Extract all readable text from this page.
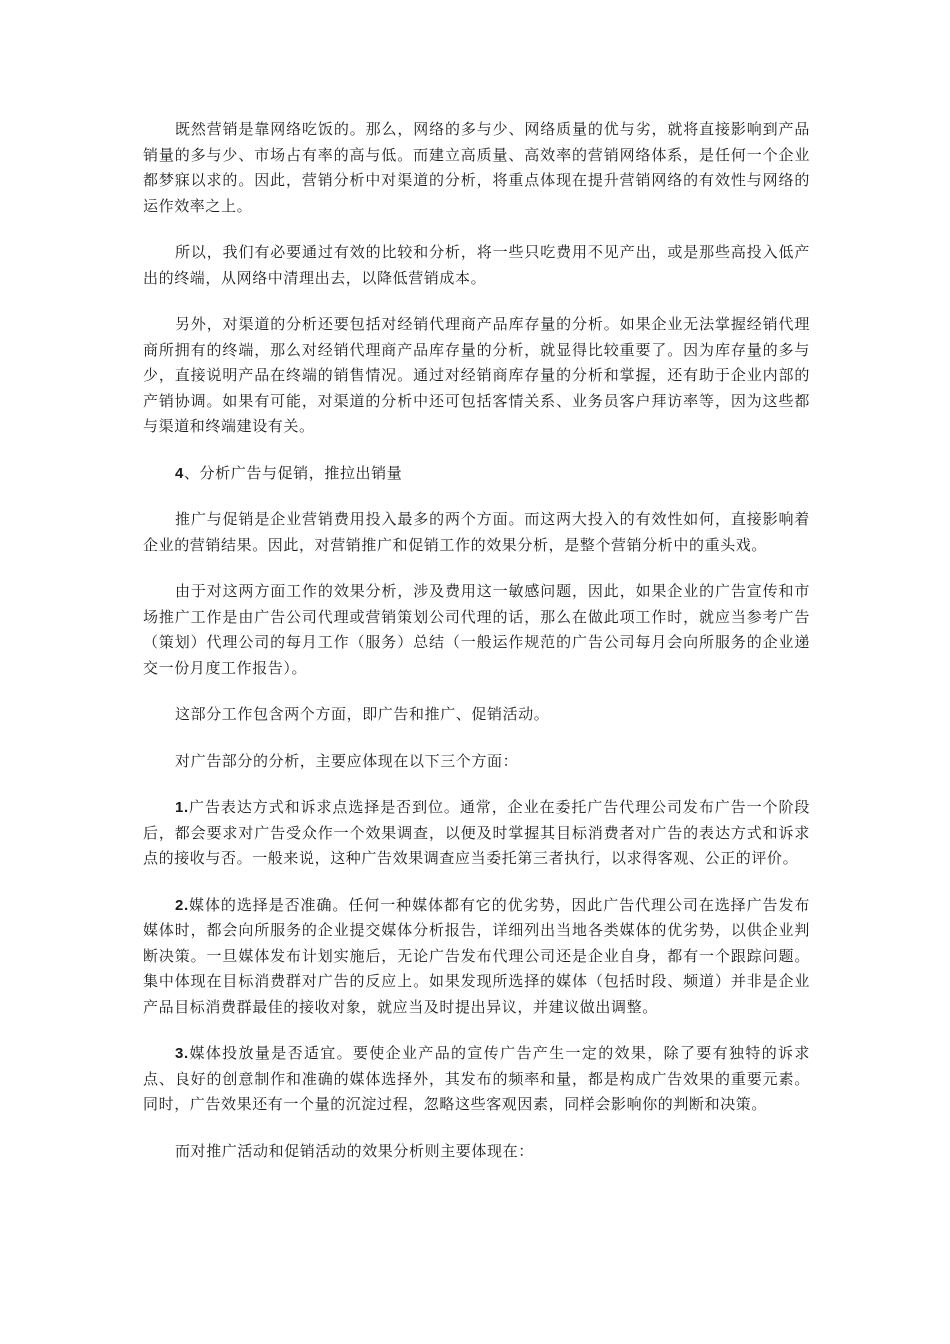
既然营销是靠网络吃饭的。那么，网络的多与少、网络质量的优与劣，就将直接影响到产品销量的多与少、市场占有率的高与低。而建立高质量、高效率的营销网络体系，是任何一个企业都梦寐以求的。因此，营销分析中对渠道的分析，将重点体现在提升营销网络的有效性与网络的运作效率之上。

所以，我们有必要通过有效的比较和分析，将一些只吃费用不见产出，或是那些高投入低产出的终端，从网络中清理出去，以降低营销成本。

另外，对渠道的分析还要包括对经销代理商产品库存量的分析。如果企业无法掌握经销代理商所拥有的终端，那么对经销代理商产品库存量的分析，就显得比较重要了。因为库存量的多与少，直接说明产品在终端的销售情况。通过对经销商库存量的分析和掌握，还有助于企业内部的产销协调。如果有可能，对渠道的分析中还可包括客情关系、业务员客户拜访率等，因为这些都与渠道和终端建设有关。

4、分析广告与促销，推拉出销量

推广与促销是企业营销费用投入最多的两个方面。而这两大投入的有效性如何，直接影响着企业的营销结果。因此，对营销推广和促销工作的效果分析，是整个营销分析中的重头戏。

由于对这两方面工作的效果分析，涉及费用这一敏感问题，因此，如果企业的广告宣传和市场推广工作是由广告公司代理或营销策划公司代理的话，那么在做此项工作时，就应当参考广告（策划）代理公司的每月工作（服务）总结（一般运作规范的广告公司每月会向所服务的企业递交一份月度工作报告）。

这部分工作包含两个方面，即广告和推广、促销活动。

对广告部分的分析，主要应体现在以下三个方面：

1.广告表达方式和诉求点选择是否到位。通常，企业在委托广告代理公司发布广告一个阶段后，都会要求对广告受众作一个效果调查，以便及时掌握其目标消费者对广告的表达方式和诉求点的接收与否。一般来说，这种广告效果调查应当委托第三者执行，以求得客观、公正的评价。

2.媒体的选择是否准确。任何一种媒体都有它的优劣势，因此广告代理公司在选择广告发布媒体时，都会向所服务的企业提交媒体分析报告，详细列出当地各类媒体的优劣势，以供企业判断决策。一旦媒体发布计划实施后，无论广告发布代理公司还是企业自身，都有一个跟踪问题。集中体现在目标消费群对广告的反应上。如果发现所选择的媒体（包括时段、频道）并非是企业产品目标消费群最佳的接收对象，就应当及时提出异议，并建议做出调整。

3.媒体投放量是否适宜。要使企业产品的宣传广告产生一定的效果，除了要有独特的诉求点、良好的创意制作和准确的媒体选择外，其发布的频率和量，都是构成广告效果的重要元素。同时，广告效果还有一个量的沉淀过程，忽略这些客观因素，同样会影响你的判断和决策。

而对推广活动和促销活动的效果分析则主要体现在：
